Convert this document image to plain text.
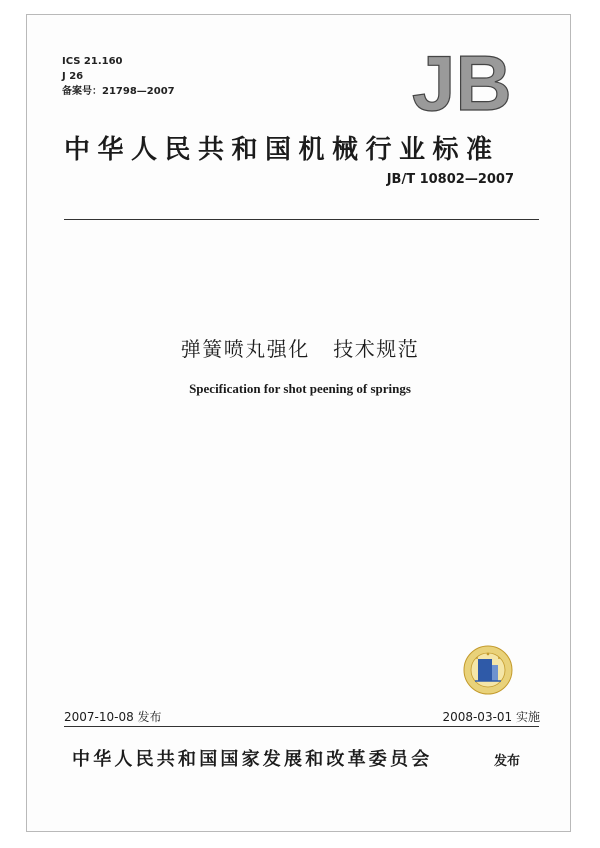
ICS 21.160
J 26
备案号：21798—2007	JB
中华人民共和国机械行业标准
JB/T 10802—2007
弹簧喷丸强化   技术规范
Specification for shot peening of springs
2007-10-08 发布	2008-03-01 实施
中华人民共和国国家发展和改革委员会	发布
